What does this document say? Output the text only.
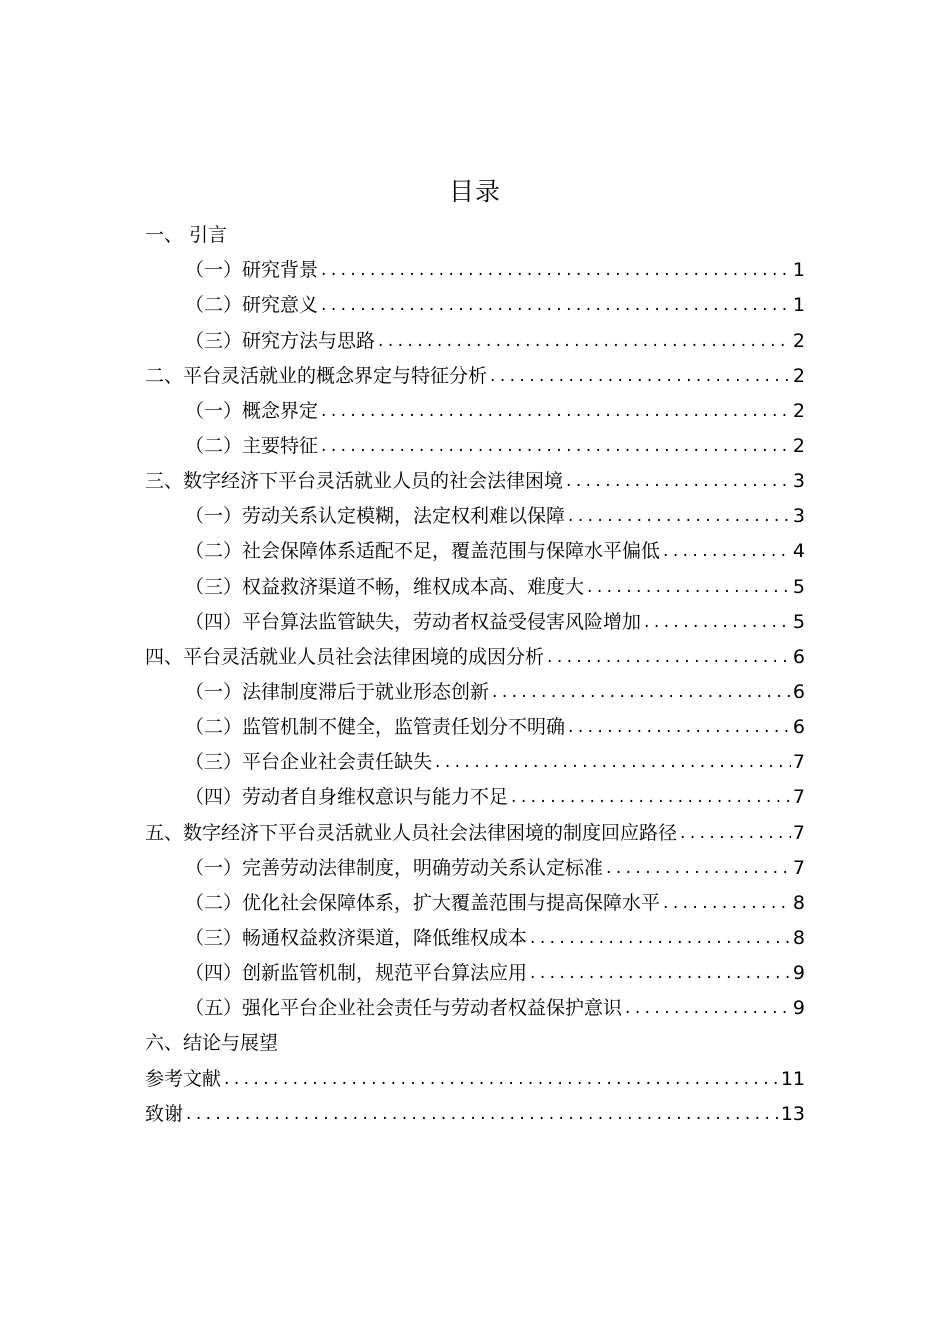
目录
一、 引言
（一）研究背景 .....	1
（二）研究意义 .....	1
（三）研究方法与思路 .....	2
二、平台灵活就业的概念界定与特征分析 .....	2
（一）概念界定 .....	2
（二）主要特征 .....	2
三、数字经济下平台灵活就业人员的社会法律困境 .....	3
（一）劳动关系认定模糊，法定权利难以保障 .....	3
（二）社会保障体系适配不足，覆盖范围与保障水平偏低 .....	4
（三）权益救济渠道不畅，维权成本高、难度大 .....	5
（四）平台算法监管缺失，劳动者权益受侵害风险增加 .....	5
四、平台灵活就业人员社会法律困境的成因分析 .....	6
（一）法律制度滞后于就业形态创新 .....	6
（二）监管机制不健全，监管责任划分不明确 .....	6
（三）平台企业社会责任缺失 .....	7
（四）劳动者自身维权意识与能力不足 .....	7
五、数字经济下平台灵活就业人员社会法律困境的制度回应路径 .....	7
（一）完善劳动法律制度，明确劳动关系认定标准 .....	7
（二）优化社会保障体系，扩大覆盖范围与提高保障水平 .....	8
（三）畅通权益救济渠道，降低维权成本 .....	8
（四）创新监管机制，规范平台算法应用 .....	9
（五）强化平台企业社会责任与劳动者权益保护意识 .....	9
六、结论与展望
参考文献 .....	11
致谢 .....	13
